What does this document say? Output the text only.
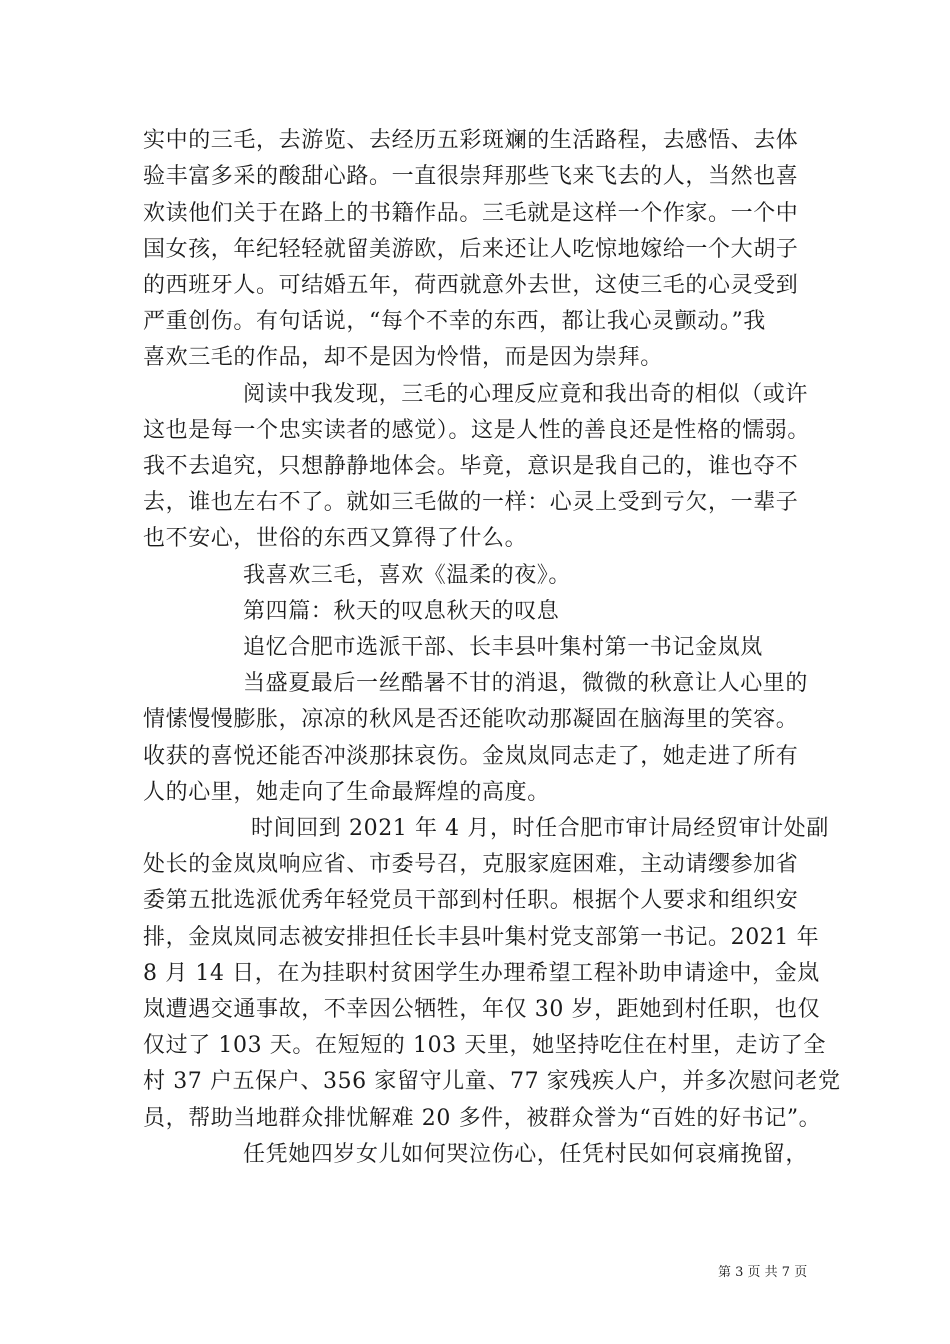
实中的三毛，去游览、去经历五彩斑斓的生活路程，去感悟、去体
验丰富多采的酸甜心路。一直很崇拜那些飞来飞去的人，当然也喜
欢读他们关于在路上的书籍作品。三毛就是这样一个作家。一个中
国女孩，年纪轻轻就留美游欧，后来还让人吃惊地嫁给一个大胡子
的西班牙人。可结婚五年，荷西就意外去世，这使三毛的心灵受到
严重创伤。有句话说，“每个不幸的东西，都让我心灵颤动。”我
喜欢三毛的作品，却不是因为怜惜，而是因为崇拜。
阅读中我发现，三毛的心理反应竟和我出奇的相似（或许
这也是每一个忠实读者的感觉）。这是人性的善良还是性格的懦弱。
我不去追究，只想静静地体会。毕竟，意识是我自己的，谁也夺不
去，谁也左右不了。就如三毛做的一样：心灵上受到亏欠，一辈子
也不安心，世俗的东西又算得了什么。
我喜欢三毛，喜欢《温柔的夜》。
第四篇：秋天的叹息秋天的叹息
追忆合肥市选派干部、长丰县叶集村第一书记金岚岚
当盛夏最后一丝酷暑不甘的消退，微微的秋意让人心里的
情愫慢慢膨胀，凉凉的秋风是否还能吹动那凝固在脑海里的笑容。
收获的喜悦还能否冲淡那抹哀伤。金岚岚同志走了，她走进了所有
人的心里，她走向了生命最辉煌的高度。
时间回到 2021 年 4 月，时任合肥市审计局经贸审计处副
处长的金岚岚响应省、市委号召，克服家庭困难，主动请缨参加省
委第五批选派优秀年轻党员干部到村任职。根据个人要求和组织安
排，金岚岚同志被安排担任长丰县叶集村党支部第一书记。2021 年
8 月 14 日，在为挂职村贫困学生办理希望工程补助申请途中，金岚
岚遭遇交通事故，不幸因公牺牲，年仅 30 岁，距她到村任职，也仅
仅过了 103 天。在短短的 103 天里，她坚持吃住在村里，走访了全
村 37 户五保户、356 家留守儿童、77 家残疾人户，并多次慰问老党
员，帮助当地群众排忧解难 20 多件，被群众誉为“百姓的好书记”。
任凭她四岁女儿如何哭泣伤心，任凭村民如何哀痛挽留，
第 3 页 共 7 页
